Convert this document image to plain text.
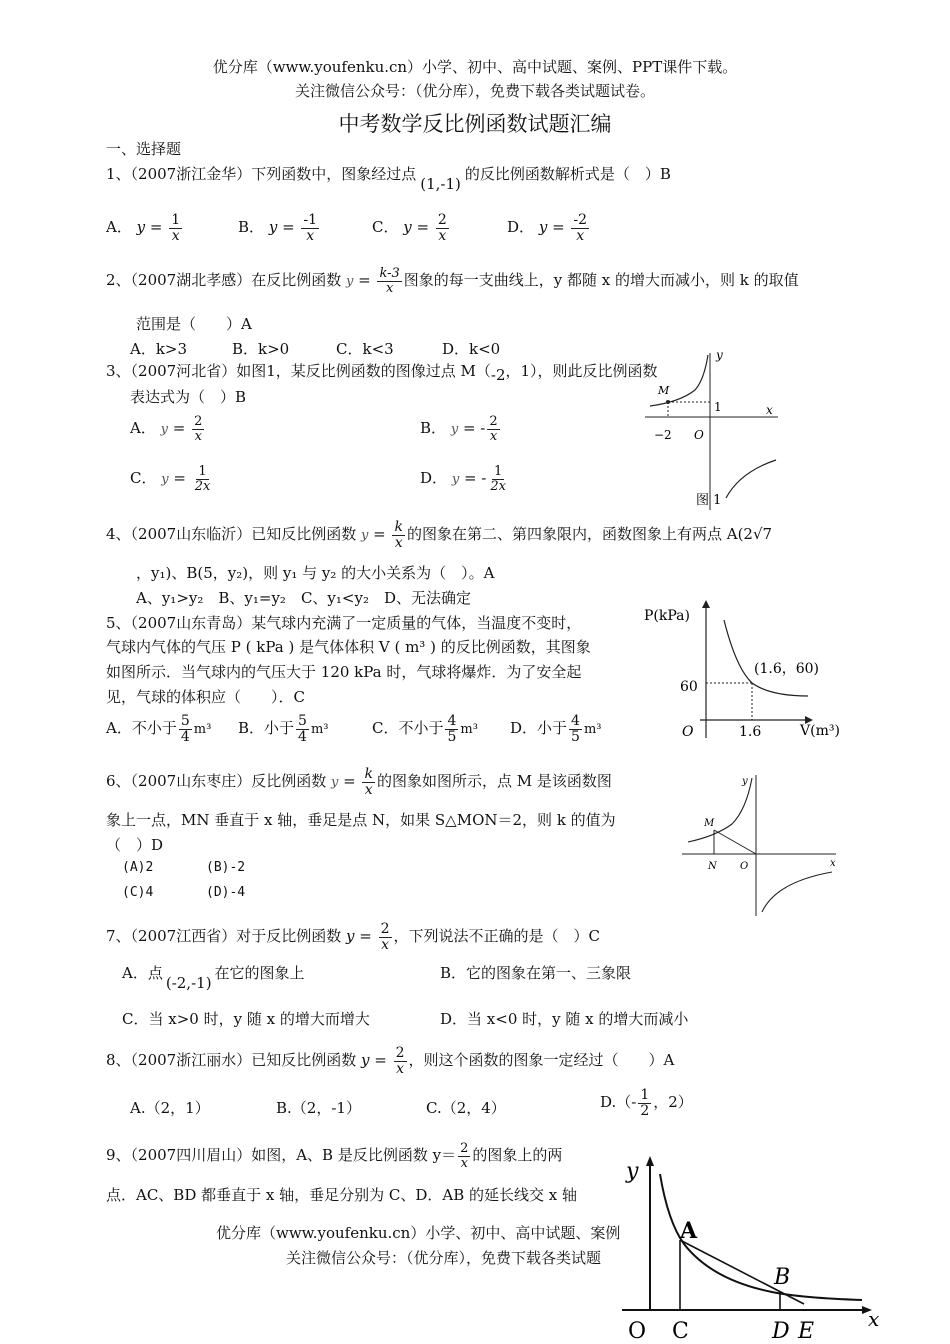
优分库（www.youfenku.cn）小学、初中、高中试题、案例、PPT课件下载。
关注微信公众号：（优分库），免费下载各类试题试卷。
中考数学反比例函数试题汇编
一、选择题
1、（2007浙江金华）下列函数中，图象经过点(1,-1)的反比例函数解析式是（　）B
A． $y = \frac{1}{x}$	B． $y = \frac{-1}{x}$	C． $y = \frac{2}{x}$	D． $y = \frac{-2}{x}$
2、（2007湖北孝感）在反比例函数 $y = \frac{k-3}{x}$ 图象的每一支曲线上，y 都随 x 的增大而减小，则 k 的取值
范围是（　　）A
A．k>3	B．k>0	C．k<3	D．k<0
3、（2007河北省）如图1，某反比例函数的图像过点 M（-2，1），则此反比例函数
表达式为（　）B
A． $y = \frac{2}{x}$	B． y = - $\frac{2}{x}$
C． $y = \frac{1}{2x}$	D． y = - $\frac{1}{2x}$
y
x
M
1
−2 O
图 1
4、（2007山东临沂）已知反比例函数 $y = \frac{k}{x}$ 的图象在第二、第四象限内，函数图象上有两点 A(2√7
，y₁)、B(5，y₂)，则 y₁ 与 y₂ 的大小关系为（　）。A
A、y₁>y₂　B、y₁=y₂　C、y₁<y₂　D、无法确定
5、（2007山东青岛）某气球内充满了一定质量的气体，当温度不变时，
气球内气体的气压 P ( kPa ) 是气体体积 V ( m³ ) 的反比例函数，其图象
如图所示．当气球内的气压大于 120 kPa 时，气球将爆炸．为了安全起
见，气球的体积应（　　）．C
A．不小于 $\frac{5}{4} m^3$ B．小于 $\frac{5}{4} m^3$	C．不小于 $\frac{4}{5} m^3$ D．小于 $\frac{4}{5} m^3$
P(kPa)
V(m³)
60
1.6
O
(1.6，60)
6、（2007山东枣庄）反比例函数 $y = \frac{k}{x}$ 的图象如图所示，点 M 是该函数图
象上一点，MN 垂直于 x 轴，垂足是点 N，如果 S△MON＝2，则 k 的值为
（　）D
(A)2	(B)-2
(C)4	(D)-4
y
x
M
N O
7、（2007江西省）对于反比例函数 $y = \frac{2}{x}$ ，下列说法不正确的是（　）C
A．点(-2,-1)在它的图象上	B．它的图象在第一、三象限
C．当 x>0 时，y 随 x 的增大而增大	D．当 x<0 时，y 随 x 的增大而减小
8、（2007浙江丽水）已知反比例函数 $y = \frac{2}{x}$ ，则这个函数的图象一定经过（　　）A
A.（2，1）	B.（2，-1）	C.（2，4）	$D.(- \frac{1}{2}$ ，2）
9、（2007四川眉山）如图，A、B 是反比例函数 $y= \frac{2}{x}$ 的图象上的两
点．AC、BD 都垂直于 x 轴，垂足分别为 C、D．AB 的延长线交 x 轴
优分库（www.youfenku.cn）小学、初中、高中试题、案例
关注微信公众号：（优分库），免费下载各类试题
y
x
A
B
C	D E
O
